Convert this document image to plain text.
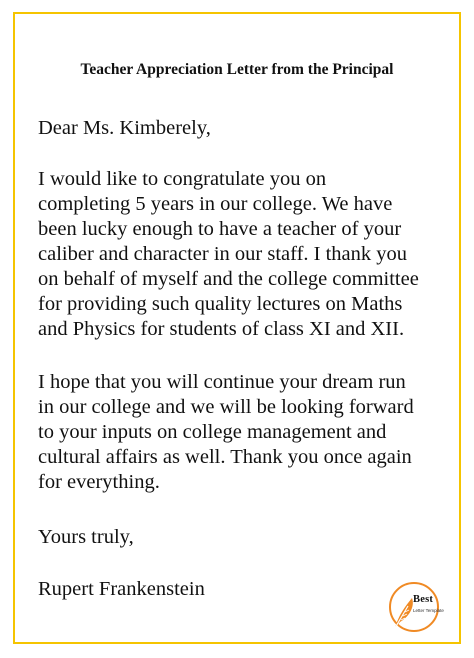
Teacher Appreciation Letter from the Principal
Dear Ms. Kimberely,
I would like to congratulate you on
completing 5 years in our college. We have
been lucky enough to have a teacher of your
caliber and character in our staff. I thank you
on behalf of myself and the college committee
for providing such quality lectures on Maths
and Physics for students of class XI and XII.
I hope that you will continue your dream run
in our college and we will be looking forward
to your inputs on college management and
cultural affairs as well. Thank you once again
for everything.
Yours truly,
Rupert Frankenstein	Best
Letter Template
